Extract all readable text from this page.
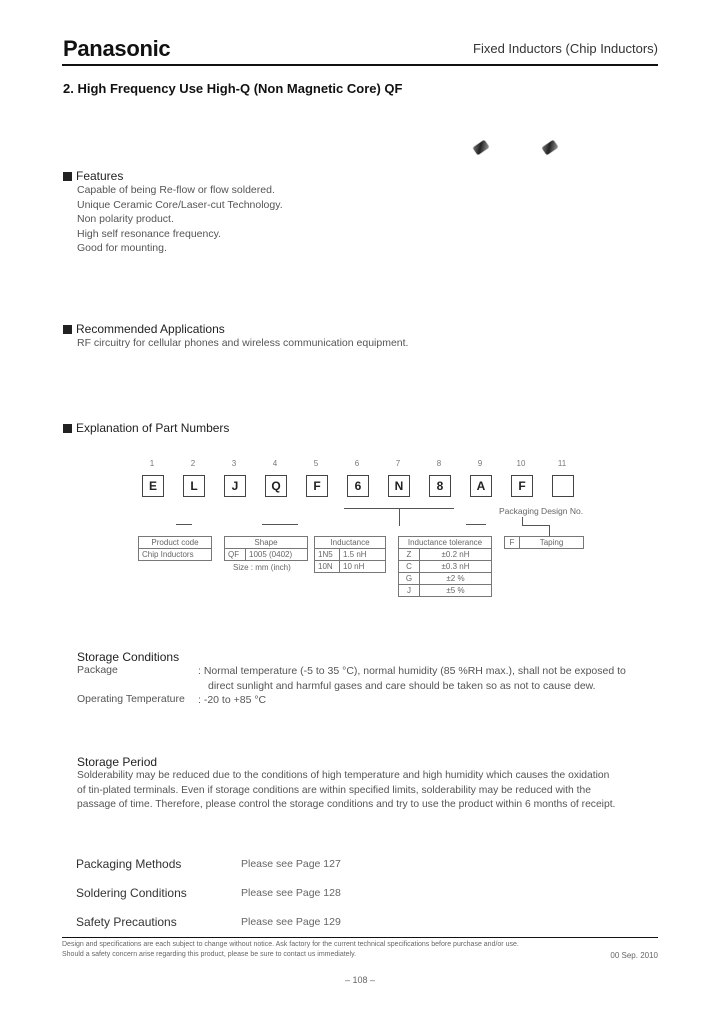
Panasonic	Fixed Inductors (Chip Inductors)
2. High Frequency Use High-Q (Non Magnetic Core) QF
Features
Capable of being Re-flow or flow soldered.
Unique Ceramic Core/Laser-cut Technology.
Non polarity product.
High self resonance frequency.
Good for mounting.
Recommended Applications
RF circuitry for cellular phones and wireless communication equipment.
Explanation of Part Numbers
1	2	3	4	5	6	7	8	9	10	11
E	L	J	Q	F	6	N	8	A	F
Packaging Design No.
Product code
Chip Inductors
Shape
QF	1005 (0402)
Size : mm (inch)
Inductance	
1N5	1.5 nH
10N	10 nH
Inductance tolerance	
Z	±0.2 nH
C	±0.3 nH
G	±2 %
J	±5 %
F	Taping
Storage Conditions
Package	: Normal temperature (-5 to 35 °C), normal humidity (85 %RH max.), shall not be exposed to
direct sunlight and harmful gases and care should be taken so as not to cause dew.
Operating Temperature : -20 to +85 °C
Storage Period
Solderability may be reduced due to the conditions of high temperature and high humidity which causes the oxidation
of tin-plated terminals. Even if storage conditions are within specified limits, solderability may be reduced with the
passage of time. Therefore, please control the storage conditions and try to use the product within 6 months of receipt.
Packaging Methods	Please see Page 127
Soldering Conditions	Please see Page 128
Safety Precautions	Please see Page 129
Design and specifications are each subject to change without notice. Ask factory for the current technical specifications before purchase and/or use.
Should a safety concern arise regarding this product, please be sure to contact us immediately.	00 Sep. 2010
– 108 –
